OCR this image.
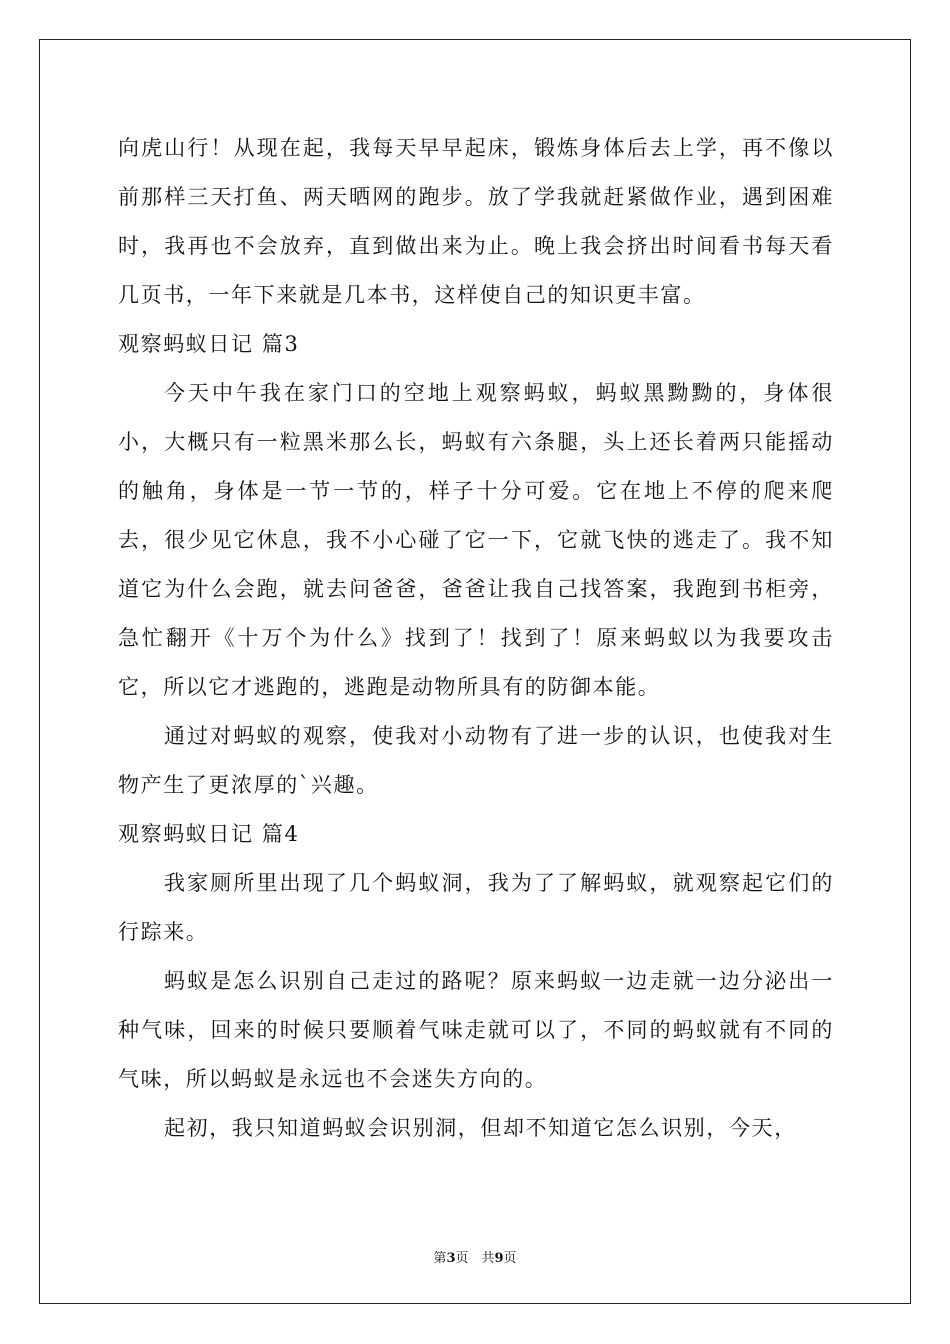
向虎山行！从现在起，我每天早早起床，锻炼身体后去上学，再不像以前那样三天打鱼、两天晒网的跑步。放了学我就赶紧做作业，遇到困难时，我再也不会放弃，直到做出来为止。晚上我会挤出时间看书每天看几页书，一年下来就是几本书，这样使自己的知识更丰富。

观察蚂蚁日记 篇3

今天中午我在家门口的空地上观察蚂蚁，蚂蚁黑黝黝的，身体很小，大概只有一粒黑米那么长，蚂蚁有六条腿，头上还长着两只能摇动的触角，身体是一节一节的，样子十分可爱。它在地上不停的爬来爬去，很少见它休息，我不小心碰了它一下，它就飞快的逃走了。我不知道它为什么会跑，就去问爸爸，爸爸让我自己找答案，我跑到书柜旁，急忙翻开《十万个为什么》找到了！找到了！原来蚂蚁以为我要攻击它，所以它才逃跑的，逃跑是动物所具有的防御本能。

通过对蚂蚁的观察，使我对小动物有了进一步的认识，也使我对生物产生了更浓厚的`兴趣。

观察蚂蚁日记 篇4

我家厕所里出现了几个蚂蚁洞，我为了了解蚂蚁，就观察起它们的行踪来。

蚂蚁是怎么识别自己走过的路呢？原来蚂蚁一边走就一边分泌出一种气味，回来的时候只要顺着气味走就可以了，不同的蚂蚁就有不同的气味，所以蚂蚁是永远也不会迷失方向的。

起初，我只知道蚂蚁会识别洞，但却不知道它怎么识别，今天，

第3页　共9页
